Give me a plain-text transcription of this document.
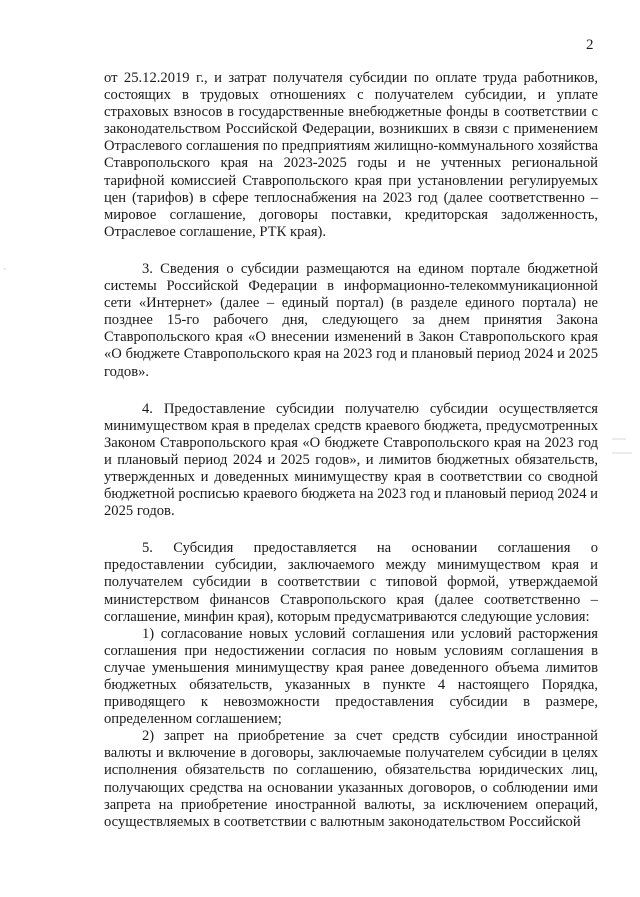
2

от 25.12.2019 г., и затрат получателя субсидии по оплате труда работников, состоящих в трудовых отношениях с получателем субсидии, и уплате страховых взносов в государственные внебюджетные фонды в соответствии с законодательством Российской Федерации, возникших в связи с применением Отраслевого соглашения по предприятиям жилищно-коммунального хозяйства Ставропольского края на 2023-2025 годы и не учтенных региональной тарифной комиссией Ставропольского края при установлении регулируемых цен (тарифов) в сфере теплоснабжения на 2023 год (далее соответственно – мировое соглашение, договоры поставки, кредиторская задолженность, Отраслевое соглашение, РТК края).

3. Сведения о субсидии размещаются на едином портале бюджетной системы Российской Федерации в информационно-телекоммуникационной сети «Интернет» (далее – единый портал) (в разделе единого портала) не позднее 15-го рабочего дня, следующего за днем принятия Закона Ставропольского края «О внесении изменений в Закон Ставропольского края «О бюджете Ставропольского края на 2023 год и плановый период 2024 и 2025 годов».

4. Предоставление субсидии получателю субсидии осуществляется минимуществом края в пределах средств краевого бюджета, предусмотренных Законом Ставропольского края «О бюджете Ставропольского края на 2023 год и плановый период 2024 и 2025 годов», и лимитов бюджетных обязательств, утвержденных и доведенных минимуществу края в соответствии со сводной бюджетной росписью краевого бюджета на 2023 год и плановый период 2024 и 2025 годов.

5. Субсидия предоставляется на основании соглашения о предоставлении субсидии, заключаемого между минимуществом края и получателем субсидии в соответствии с типовой формой, утверждаемой министерством финансов Ставропольского края (далее соответственно – соглашение, минфин края), которым предусматриваются следующие условия:

1) согласование новых условий соглашения или условий расторжения соглашения при недостижении согласия по новым условиям соглашения в случае уменьшения минимуществу края ранее доведенного объема лимитов бюджетных обязательств, указанных в пункте 4 настоящего Порядка, приводящего к невозможности предоставления субсидии в размере, определенном соглашением;

2) запрет на приобретение за счет средств субсидии иностранной валюты и включение в договоры, заключаемые получателем субсидии в целях исполнения обязательств по соглашению, обязательства юридических лиц, получающих средства на основании указанных договоров, о соблюдении ими запрета на приобретение иностранной валюты, за исключением операций, осуществляемых в соответствии с валютным законодательством Российской
